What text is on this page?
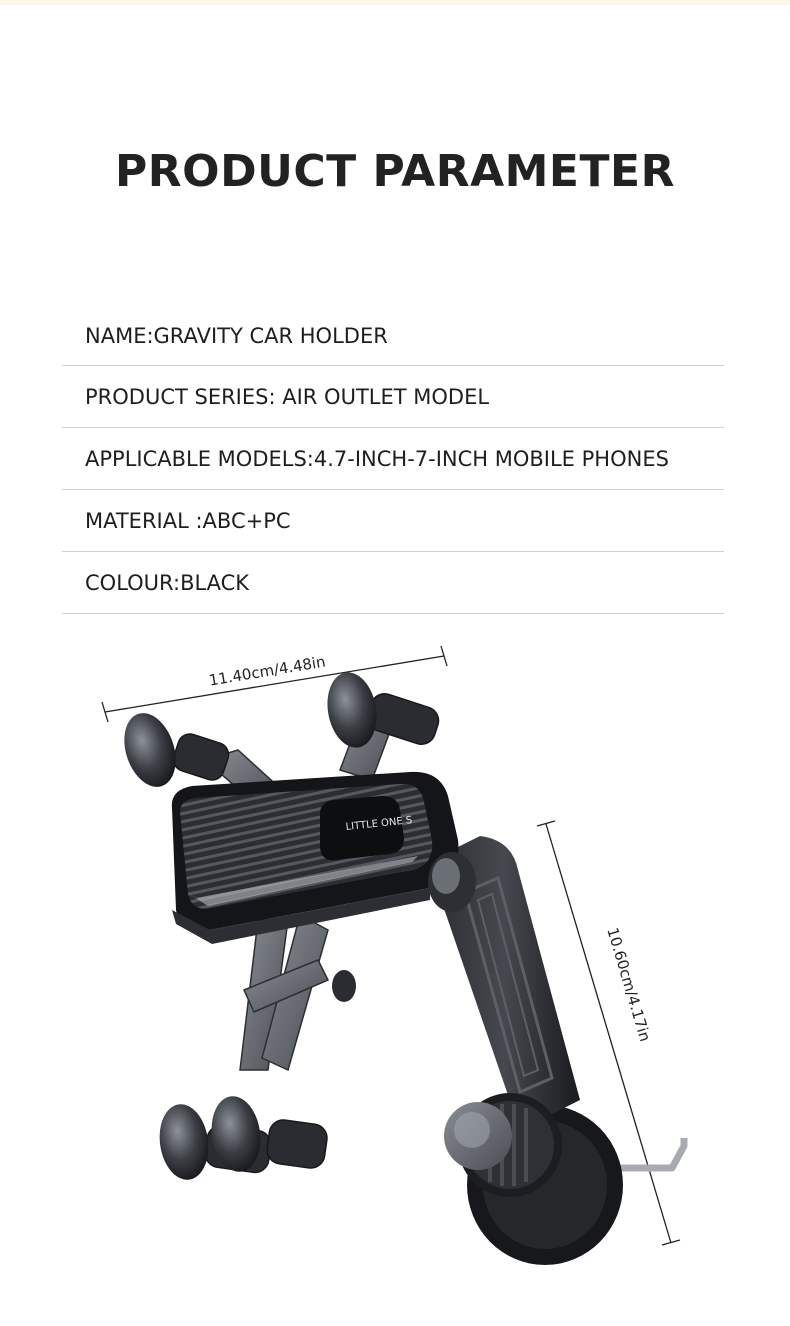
PRODUCT PARAMETER
NAME:GRAVITY CAR HOLDER
PRODUCT SERIES: AIR OUTLET MODEL
APPLICABLE MODELS:4.7-INCH-7-INCH MOBILE PHONES
MATERIAL :ABC+PC
COLOUR:BLACK
11.40cm/4.48in
10.60cm/4.17in
LITTLE ONE S
